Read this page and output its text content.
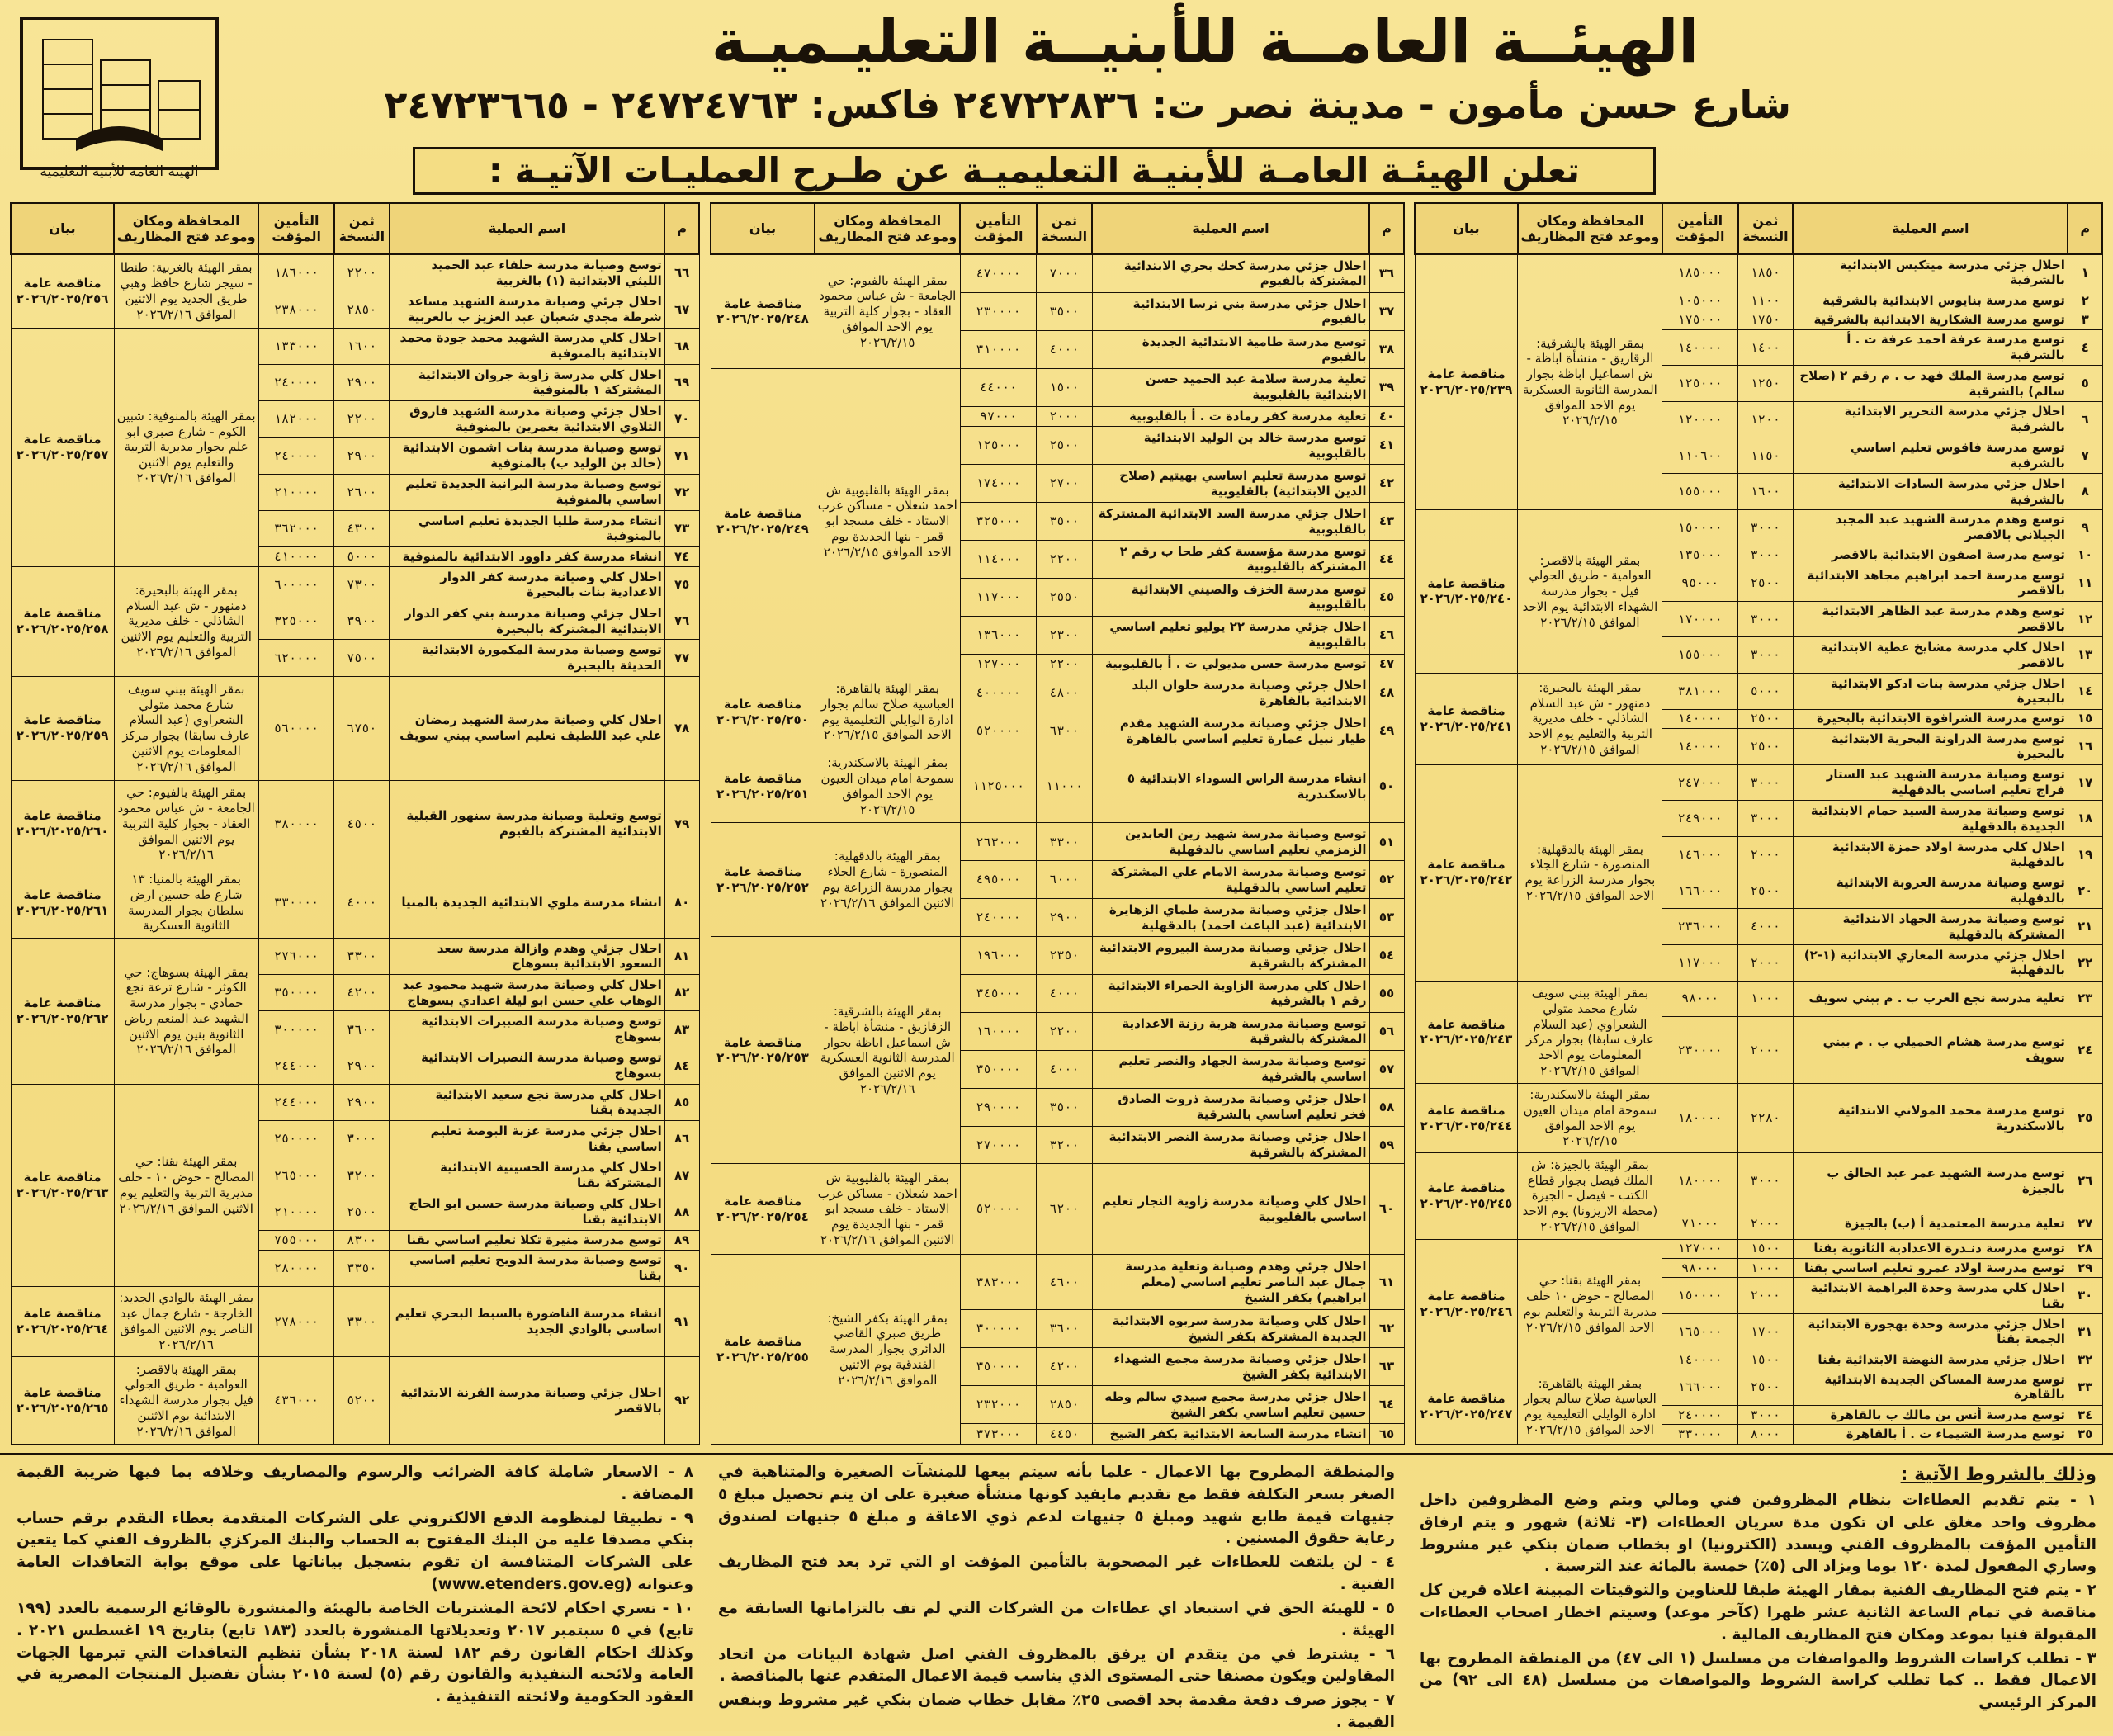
الهيئة العامة للأبنية التعليمية
الهيئــة العامــة للأبنيــة التعليـميـة
شارع حسن مأمون - مدينة نصر ت: ٢٤٧٢٢٨٣٦ فاكس: ٢٤٧٢٤٧٦٣ - ٢٤٧٢٣٦٦٥
تعلن الهيئـة العامـة للأبنيـة التعليميـة عن طـرح العمليـات الآتيـة :
م	اسم العملية	ثمن النسخة	التأمين المؤقت	المحافظة ومكان وموعد فتح المظاريف	بيان
١	احلال جزئي مدرسة ميتكيس الابتدائية بالشرقية	١٨٥٠	١٨٥٠٠٠	بمقر الهيئة بالشرقية: الزقازيق - منشأة اباظة - ش اسماعيل اباظة بجوار المدرسة الثانوية العسكرية يوم الاحد الموافق ٢٠٢٦/٢/١٥	مناقصة عامة ٢٠٢٦/٢٠٢٥/٢٣٩
٢	توسع مدرسة بنايوس الابتدائية بالشرقية	١١٠٠	١٠٥٠٠٠		
٣	توسع مدرسة الشكارية الابتدائية بالشرقية	١٧٥٠	١٧٥٠٠٠		
٤	توسع مدرسة عرفة احمد عرفة ت . أ بالشرقية	١٤٠٠	١٤٠٠٠٠		
٥	توسع مدرسة الملك فهد ب . م رقم ٢ (صلاح سالم) بالشرقية	١٢٥٠	١٢٥٠٠٠		
٦	احلال جزئي مدرسة التحرير الابتدائية بالشرقية	١٢٠٠	١٢٠٠٠٠		
٧	توسع مدرسة فاقوس تعليم اساسي بالشرقية	١١٥٠	١١٠٦٠٠		
٨	احلال جزئي مدرسة السادات الابتدائية بالشرقية	١٦٠٠	١٥٥٠٠٠		
٩	توسع وهدم مدرسة الشهيد عبد المجيد الجيلاني بالاقصر	٣٠٠٠	١٥٠٠٠٠	بمقر الهيئة بالاقصر: العوامية - طريق الجولي فيل - بجوار مدرسة الشهداء الابتدائية يوم الاحد الموافق ٢٠٢٦/٢/١٥	مناقصة عامة ٢٠٢٦/٢٠٢٥/٢٤٠
١٠	توسع مدرسة اصفون الابتدائية بالاقصر	٣٠٠٠	١٣٥٠٠٠		
١١	توسع مدرسة احمد ابراهيم مجاهد الابتدائية بالاقصر	٢٥٠٠	٩٥٠٠٠		
١٢	توسع وهدم مدرسة عبد الظاهر الابتدائية بالاقصر	٣٠٠٠	١٧٠٠٠٠		
١٣	احلال كلي مدرسة مشايخ عطية الابتدائية بالاقصر	٣٠٠٠	١٥٥٠٠٠		
١٤	احلال جزئي مدرسة بنات ادكو الابتدائية بالبحيرة	٥٠٠٠	٣٨١٠٠٠	بمقر الهيئة بالبحيرة: دمنهور - ش عبد السلام الشاذلي - خلف مديرية التربية والتعليم يوم الاحد الموافق ٢٠٢٦/٢/١٥	مناقصة عامة ٢٠٢٦/٢٠٢٥/٢٤١
١٥	توسع مدرسة الشراقوة الابتدائية بالبحيرة	٢٥٠٠	١٤٠٠٠٠		
١٦	توسع مدرسة الدراونة البحرية الابتدائية بالبحيرة	٢٥٠٠	١٤٠٠٠٠		
١٧	توسع وصيانة مدرسة الشهيد عبد الستار فراج تعليم اساسي بالدقهلية	٣٠٠٠	٢٤٧٠٠٠	بمقر الهيئة بالدقهلية: المنصورة - شارع الجلاء بجوار مدرسة الزراعة يوم الاحد الموافق ٢٠٢٦/٢/١٥	مناقصة عامة ٢٠٢٦/٢٠٢٥/٢٤٢
١٨	توسع وصيانة مدرسة السيد حمام الابتدائية الجديدة بالدقهلية	٣٠٠٠	٢٤٩٠٠٠		
١٩	احلال كلي مدرسة اولاد حمزة الابتدائية بالدقهلية	٢٠٠٠	١٤٦٠٠٠		
٢٠	توسع وصيانة مدرسة العروبة الابتدائية بالدقهلية	٢٥٠٠	١٦٦٠٠٠		
٢١	توسع وصيانة مدرسة الجهاد الابتدائية المشتركة بالدقهلية	٤٠٠٠	٢٣٦٠٠٠		
٢٢	احلال جزئي مدرسة المغازي الابتدائية (١-٢) بالدقهلية	٢٠٠٠	١١٧٠٠٠		
٢٣	تعلية مدرسة نجع العرب ب . م ببني سويف	١٠٠٠	٩٨٠٠٠	بمقر الهيئة ببني سويف شارع محمد متولي الشعراوي (عبد السلام عارف سابقا) بجوار مركز المعلومات يوم الاحد الموافق ٢٠٢٦/٢/١٥	مناقصة عامة ٢٠٢٦/٢٠٢٥/٢٤٣
٢٤	توسع مدرسة هشام الحميلي ب . م ببني سويف	٢٠٠٠	٢٣٠٠٠٠		
٢٥	توسع مدرسة محمد المولاني الابتدائية بالاسكندرية	٢٢٨٠	١٨٠٠٠٠	بمقر الهيئة بالاسكندرية: سموحة امام ميدان العيون يوم الاحد الموافق ٢٠٢٦/٢/١٥	مناقصة عامة ٢٠٢٦/٢٠٢٥/٢٤٤
٢٦	توسع مدرسة الشهيد عمر عبد الخالق ب بالجيزة	٣٠٠٠	١٨٠٠٠٠	بمقر الهيئة بالجيزة: ش الملك فيصل بجوار قطاع الكتب - فيصل - الجيزة (محطة الاريزونا) يوم الاحد الموافق ٢٠٢٦/٢/١٥	مناقصة عامة ٢٠٢٦/٢٠٢٥/٢٤٥
٢٧	تعلية مدرسة المعتمدية أ (ب) بالجيزة	٢٠٠٠	٧١٠٠٠		
٢٨	توسع مدرسة دنـدرة الاعدادية الثانوية بقنا	١٥٠٠	١٢٧٠٠٠	بمقر الهيئة بقنا: حي المصالح - حوض ١٠ خلف مديرية التربية والتعليم يوم الاحد الموافق ٢٠٢٦/٢/١٥	مناقصة عامة ٢٠٢٦/٢٠٢٥/٢٤٦
٢٩	توسع مدرسة اولاد عمرو تعليم اساسي بقنا	١٠٠٠	٩٨٠٠٠		
٣٠	احلال كلي مدرسة وحدة البراهمة الابتدائية بقنا	٢٠٠٠	١٥٠٠٠٠		
٣١	احلال جزئي مدرسة وحدة بهجورة الابتدائية الجمعة بقنا	١٧٠٠	١٦٥٠٠٠		
٣٢	احلال جزئي مدرسة النهضة الابتدائية بقنا	١٥٠٠	١٤٠٠٠٠		
٣٣	توسع مدرسة المساكن الجديدة الابتدائية بالقاهرة	٢٥٠٠	١٦٦٠٠٠	بمقر الهيئة بالقاهرة: العباسية صلاح سالم بجوار ادارة الوايلي التعليمية يوم الاحد الموافق ٢٠٢٦/٢/١٥	مناقصة عامة ٢٠٢٦/٢٠٢٥/٢٤٧
٣٤	توسع مدرسة أنس بن مالك ب بالقاهرة	٣٠٠٠	٢٤٠٠٠٠		
٣٥	توسع مدرسة الشيماء ت . أ بالقاهرة	٨٠٠٠	٣٣٠٠٠٠		
م	اسم العملية	ثمن النسخة	التأمين المؤقت	المحافظة ومكان وموعد فتح المظاريف	بيان
٣٦	احلال جزئي مدرسة كحك بحري الابتدائية المشتركة بالفيوم	٧٠٠٠	٤٧٠٠٠٠	بمقر الهيئة بالفيوم: حي الجامعة - ش عباس محمود العقاد - بجوار كلية التربية يوم الاحد الموافق ٢٠٢٦/٢/١٥	مناقصة عامة ٢٠٢٦/٢٠٢٥/٢٤٨
٣٧	احلال جزئي مدرسة بني ترسا الابتدائية بالفيوم	٣٥٠٠	٢٣٠٠٠٠		
٣٨	توسع مدرسة طامية الابتدائية الجديدة بالفيوم	٤٠٠٠	٣١٠٠٠٠		
٣٩	تعلية مدرسة سلامة عبد الحميد حسن الابتدائية بالقليوبية	١٥٠٠	٤٤٠٠٠	بمقر الهيئة بالقليوبية ش احمد شعلان - مساكن غرب الاستاد - خلف مسجد ابو قمر - بنها الجديدة يوم الاحد الموافق ٢٠٢٦/٢/١٥	مناقصة عامة ٢٠٢٦/٢٠٢٥/٢٤٩
٤٠	تعلية مدرسة كفر رمادة ت . أ بالقليوبية	٢٠٠٠	٩٧٠٠٠		
٤١	توسع مدرسة خالد بن الوليد الابتدائية بالقليوبية	٢٥٠٠	١٢٥٠٠٠		
٤٢	توسع مدرسة تعليم اساسي بهيتيم (صلاح الدين الابتدائية) بالقليوبية	٢٧٠٠	١٧٤٠٠٠		
٤٣	احلال جزئي مدرسة السد الابتدائية المشتركة بالقليوبية	٣٥٠٠	٣٢٥٠٠٠		
٤٤	توسع مدرسة مؤسسة كفر طحا ب رقم ٢ المشتركة بالقليوبية	٢٢٠٠	١١٤٠٠٠		
٤٥	توسع مدرسة الخزف والصيني الابتدائية بالقليوبية	٢٥٥٠	١١٧٠٠٠		
٤٦	احلال جزئي مدرسة ٢٢ يوليو تعليم اساسي بالقليوبية	٢٣٠٠	١٣٦٠٠٠		
٤٧	توسع مدرسة حسن مديولي ت . أ بالقليوبية	٢٢٠٠	١٢٧٠٠٠		
٤٨	احلال جزئي وصيانة مدرسة حلوان البلد الابتدائية بالقاهرة	٤٨٠٠	٤٠٠٠٠٠	بمقر الهيئة بالقاهرة: العباسية صلاح سالم بجوار ادارة الوايلي التعليمية يوم الاحد الموافق ٢٠٢٦/٢/١٥	مناقصة عامة ٢٠٢٦/٢٠٢٥/٢٥٠
٤٩	احلال جزئي وصيانة مدرسة الشهيد مقدم طيار نبيل عمارة تعليم اساسي بالقاهرة	٦٣٠٠	٥٢٠٠٠٠		
٥٠	انشاء مدرسة الراس السوداء الابتدائية ٥ بالاسكندرية	١١٠٠٠	١١٢٥٠٠٠	بمقر الهيئة بالاسكندرية: سموحة امام ميدان العيون يوم الاحد الموافق ٢٠٢٦/٢/١٥	مناقصة عامة ٢٠٢٦/٢٠٢٥/٢٥١
٥١	توسع وصيانة مدرسة شهيد زين العابدين الزمزمي تعليم اساسي بالدقهلية	٣٣٠٠	٢٦٣٠٠٠	بمقر الهيئة بالدقهلية: المنصورة - شارع الجلاء بجوار مدرسة الزراعة يوم الاثنين الموافق ٢٠٢٦/٢/١٦	مناقصة عامة ٢٠٢٦/٢٠٢٥/٢٥٢
٥٢	توسع وصيانة مدرسة الامام علي المشتركة تعليم اساسي بالدقهلية	٦٠٠٠	٤٩٥٠٠٠		
٥٣	احلال جزئي وصيانة مدرسة طماي الزهايرة الابتدائية (عبد الباعث احمد) بالدقهلية	٢٩٠٠	٢٤٠٠٠٠		
٥٤	احلال جزئي وصيانة مدرسة البيروم الابتدائية المشتركة بالشرقية	٢٣٥٠	١٩٦٠٠٠	بمقر الهيئة بالشرقية: الزقازيق - منشأة اباظة - ش اسماعيل اباظة بجوار المدرسة الثانوية العسكرية يوم الاثنين الموافق ٢٠٢٦/٢/١٦	مناقصة عامة ٢٠٢٦/٢٠٢٥/٢٥٣
٥٥	احلال كلي مدرسة الزاوية الحمراء الابتدائية رقم ١ بالشرقية	٤٠٠٠	٣٤٥٠٠٠		
٥٦	توسع وصيانة مدرسة هربة رزنة الاعدادية المشتركة بالشرقية	٢٢٠٠	١٦٠٠٠٠		
٥٧	توسع وصيانة مدرسة الجهاد والنصر تعليم اساسي بالشرقية	٤٠٠٠	٣٥٠٠٠٠		
٥٨	احلال جزئي وصيانة مدرسة ذروت الصادق فخر تعليم اساسي بالشرقية	٣٥٠٠	٢٩٠٠٠٠		
٥٩	احلال جزئي وصيانة مدرسة النصر الابتدائية المشتركة بالشرقية	٣٢٠٠	٢٧٠٠٠٠		
٦٠	احلال كلي وصيانة مدرسة زاوية النجار تعليم اساسي بالقليوبية	٦٢٠٠	٥٢٠٠٠٠	بمقر الهيئة بالقليوبية ش احمد شعلان - مساكن غرب الاستاد - خلف مسجد ابو قمر - بنها الجديدة يوم الاثنين الموافق ٢٠٢٦/٢/١٦	مناقصة عامة ٢٠٢٦/٢٠٢٥/٢٥٤
٦١	احلال جزئي وهدم وصيانة وتعلية مدرسة جمال عبد الناصر تعليم اساسي (معلم ابراهيم) بكفر الشيخ	٤٦٠٠	٣٨٣٠٠٠	بمقر الهيئة بكفر الشيخ: طريق صبري القاضي الدائري بجوار المدرسة الفندقية يوم الاثنين الموافق ٢٠٢٦/٢/١٦	مناقصة عامة ٢٠٢٦/٢٠٢٥/٢٥٥
٦٢	احلال كلي وصيانة مدرسة سربوه الابتدائية الجديدة المشتركة بكفر الشيخ	٣٦٠٠	٣٠٠٠٠٠		
٦٣	احلال جزئي وصيانة مدرسة مجمع الشهداء الابتدائية بكفر الشيخ	٤٢٠٠	٣٥٠٠٠٠		
٦٤	احلال جزئي مدرسة مجمع سيدي سالم وطه حسين تعليم اساسي بكفر الشيخ	٢٨٥٠	٢٣٢٠٠٠		
٦٥	انشاء مدرسة السابعة الابتدائية بكفر الشيخ	٤٤٥٠	٣٧٣٠٠٠		
م	اسم العملية	ثمن النسخة	التأمين المؤقت	المحافظة ومكان وموعد فتح المظاريف	بيان
٦٦	توسع وصيانة مدرسة خلفاء عبد الحميد الليثي الابتدائية (١) بالغربية	٢٢٠٠	١٨٦٠٠٠	بمقر الهيئة بالغربية: طنطا - سيجر شارع حافظ وهبي طريق الجديد يوم الاثنين الموافق ٢٠٢٦/٢/١٦	مناقصة عامة ٢٠٢٦/٢٠٢٥/٢٥٦
٦٧	احلال جزئي وصيانة مدرسة الشهيد مساعد شرطة مجدي شعبان عبد العزيز ب بالغربية	٢٨٥٠	٢٣٨٠٠٠		
٦٨	احلال كلي مدرسة الشهيد محمد جودة محمد الابتدائية بالمنوفية	١٦٠٠	١٣٣٠٠٠	بمقر الهيئة بالمنوفية: شبين الكوم - شارع صبري ابو علم بجوار مديرية التربية والتعليم يوم الاثنين الموافق ٢٠٢٦/٢/١٦	مناقصة عامة ٢٠٢٦/٢٠٢٥/٢٥٧
٦٩	احلال كلي مدرسة زاوية جروان الابتدائية المشتركة ١ بالمنوفية	٢٩٠٠	٢٤٠٠٠٠		
٧٠	احلال جزئي وصيانة مدرسة الشهيد فاروق التلاوي الابتدائية بغمرين بالمنوفية	٢٢٠٠	١٨٢٠٠٠		
٧١	توسع وصيانة مدرسة بنات اشمون الابتدائية (خالد بن الوليد ب) بالمنوفية	٢٩٠٠	٢٤٠٠٠٠		
٧٢	توسع وصيانة مدرسة البرانية الجديدة تعليم اساسي بالمنوفية	٢٦٠٠	٢١٠٠٠٠		
٧٣	انشاء مدرسة طليا الجديدة تعليم اساسي بالمنوفية	٤٣٠٠	٣٦٢٠٠٠		
٧٤	انشاء مدرسة كفر داوود الابتدائية بالمنوفية	٥٠٠٠	٤١٠٠٠٠		
٧٥	احلال كلي وصيانة مدرسة كفر الدوار الاعدادية بنات بالبحيرة	٧٣٠٠	٦٠٠٠٠٠	بمقر الهيئة بالبحيرة: دمنهور - ش عبد السلام الشاذلي - خلف مديرية التربية والتعليم يوم الاثنين الموافق ٢٠٢٦/٢/١٦	مناقصة عامة ٢٠٢٦/٢٠٢٥/٢٥٨
٧٦	احلال جزئي وصيانة مدرسة بني كفر الدوار الابتدائية المشتركة بالبحيرة	٣٩٠٠	٣٢٥٠٠٠		
٧٧	توسع وصيانة مدرسة المكمورة الابتدائية الحديثة بالبحيرة	٧٥٠٠	٦٢٠٠٠٠		
٧٨	احلال كلي وصيانة مدرسة الشهيد رمضان علي عبد اللطيف تعليم اساسي ببني سويف	٦٧٥٠	٥٦٠٠٠٠	بمقر الهيئة ببني سويف شارع محمد متولي الشعراوي (عبد السلام عارف سابقا) بجوار مركز المعلومات يوم الاثنين الموافق ٢٠٢٦/٢/١٦	مناقصة عامة ٢٠٢٦/٢٠٢٥/٢٥٩
٧٩	توسع وتعلية وصيانة مدرسة سنهور القبلية الابتدائية المشتركة بالفيوم	٤٥٠٠	٣٨٠٠٠٠	بمقر الهيئة بالفيوم: حي الجامعة - ش عباس محمود العقاد - بجوار كلية التربية يوم الاثنين الموافق ٢٠٢٦/٢/١٦	مناقصة عامة ٢٠٢٦/٢٠٢٥/٢٦٠
٨٠	انشاء مدرسة ملوي الابتدائية الجديدة بالمنيا	٤٠٠٠	٣٣٠٠٠٠	بمقر الهيئة بالمنيا: ١٣ شارع طه حسين ارض سلطان بجوار المدرسة الثانوية العسكرية	مناقصة عامة ٢٠٢٦/٢٠٢٥/٢٦١
٨١	احلال جزئي وهدم وازالة مدرسة سعد السعود الابتدائية بسوهاج	٣٣٠٠	٢٧٦٠٠٠	بمقر الهيئة بسوهاج: حي الكوثر - شارع ترعة نجع حمادي - بجوار مدرسة الشهيد عبد المنعم رياض الثانوية بنين يوم الاثنين الموافق ٢٠٢٦/٢/١٦	مناقصة عامة ٢٠٢٦/٢٠٢٥/٢٦٢
٨٢	احلال كلي وصيانة مدرسة شهيد محمود عبد الوهاب علي حسن ابو ليلة اعدادي بسوهاج	٤٢٠٠	٣٥٠٠٠٠		
٨٣	توسع وصيانة مدرسة الصبيرات الابتدائية بسوهاج	٣٦٠٠	٣٠٠٠٠٠		
٨٤	توسع وصيانة مدرسة النصيرات الابتدائية بسوهاج	٢٩٠٠	٢٤٤٠٠٠		
٨٥	احلال كلي مدرسة نجع سعيد الابتدائية الجديدة بقنا	٢٩٠٠	٢٤٤٠٠٠	بمقر الهيئة بقنا: حي المصالح - حوض ١٠ - خلف مديرية التربية والتعليم يوم الاثنين الموافق ٢٠٢٦/٢/١٦	مناقصة عامة ٢٠٢٦/٢٠٢٥/٢٦٣
٨٦	احلال جزئي مدرسة عزبة البوصة تعليم اساسي بقنا	٣٠٠٠	٢٥٠٠٠٠		
٨٧	احلال كلي مدرسة الحسينية الابتدائية المشتركة بقنا	٣٢٠٠	٢٦٥٠٠٠		
٨٨	احلال كلي وصيانة مدرسة حسين ابو الحاج الابتدائية بقنا	٢٥٠٠	٢١٠٠٠٠		
٨٩	توسع مدرسة منيرة تكلا تعليم اساسي بقنا	٨٣٠٠	٧٥٥٠٠٠		
٩٠	توسع وصيانة مدرسة الدويح تعليم اساسي بقنا	٣٣٥٠	٢٨٠٠٠٠		
٩١	انشاء مدرسة الناضورة بالسبط البحري تعليم اساسي بالوادي الجديد	٣٣٠٠	٢٧٨٠٠٠	بمقر الهيئة بالوادي الجديد: الخارجة - شارع جمال عبد الناصر يوم الاثنين الموافق ٢٠٢٦/٢/١٦	مناقصة عامة ٢٠٢٦/٢٠٢٥/٢٦٤
٩٢	احلال جزئي وصيانة مدرسة القرنة الابتدائية بالاقصر	٥٢٠٠	٤٣٦٠٠٠	بمقر الهيئة بالاقصر: العوامية - طريق الجولي فيل بجوار مدرسة الشهداء الابتدائية يوم الاثنين الموافق ٢٠٢٦/٢/١٦	مناقصة عامة ٢٠٢٦/٢٠٢٥/٢٦٥

وذلك بالشروط الآتية :

١ - يتم تقديم العطاءات بنظام المظروفين فني ومالي ويتم وضع المظروفين داخل مظروف واحد مغلق على ان تكون مدة سريان العطاءات (٣- ثلاثة) شهور و يتم ارفاق التأمين المؤقت بالمظروف الفني ويسدد (الكترونيا) او بخطاب ضمان بنكي غير مشروط وساري المفعول لمدة ١٢٠ يوما ويزاد الى (٥٪) خمسة بالمائة عند الترسية .

٢ - يتم فتح المظاريف الفنية بمقار الهيئة طبقا للعناوين والتوقيتات المبينة اعلاه قرين كل مناقصة في تمام الساعة الثانية عشر ظهرا (كآخر موعد) وسيتم اخطار اصحاب العطاءات المقبولة فنيا بموعد ومكان فتح المظاريف المالية .

٣ - تطلب كراسات الشروط والمواصفات من مسلسل (١ الى ٤٧) من المنطقة المطروح بها الاعمال فقط .. كما تطلب كراسة الشروط والمواصفات من مسلسل (٤٨ الى ٩٢) من المركز الرئيسي

والمنطقة المطروح بها الاعمال - علما بأنه سيتم بيعها للمنشآت الصغيرة والمتناهية في الصغر بسعر التكلفة فقط مع تقديم مايفيد كونها منشأة صغيرة على ان يتم تحصيل مبلغ ٥ جنيهات قيمة طابع شهيد ومبلغ ٥ جنيهات لدعم ذوي الاعاقة و مبلغ ٥ جنيهات لصندوق رعاية حقوق المسنين .

٤ - لن يلتفت للعطاءات غير المصحوبة بالتأمين المؤقت او التي ترد بعد فتح المظاريف الفنية .

٥ - للهيئة الحق في استبعاد اي عطاءات من الشركات التي لم تف بالتزاماتها السابقة مع الهيئة .

٦ - يشترط في من يتقدم ان يرفق بالمظروف الفني اصل شهادة البيانات من اتحاد المقاولين ويكون مصنفا حتى المستوى الذي يناسب قيمة الاعمال المتقدم عنها بالمناقصة .

٧ - يجوز صرف دفعة مقدمة بحد اقصى ٢٥٪ مقابل خطاب ضمان بنكي غير مشروط وبنفس القيمة .

٨ - الاسعار شاملة كافة الضرائب والرسوم والمصاريف وخلافه بما فيها ضريبة القيمة المضافة .

٩ - تطبيقا لمنظومة الدفع الالكتروني على الشركات المتقدمة بعطاء التقدم برقم حساب بنكي مصدقا عليه من البنك المفتوح به الحساب والبنك المركزي بالظروف الفني كما يتعين على الشركات المتنافسة ان تقوم بتسجيل بياناتها على موقع بوابة التعاقدات العامة وعنوانه (www.etenders.gov.eg)

١٠ - تسري احكام لائحة المشتريات الخاصة بالهيئة والمنشورة بالوقائع الرسمية بالعدد (١٩٩ تابع) في ٥ سبتمبر ٢٠١٧ وتعديلاتها المنشورة بالعدد (١٨٣ تابع) بتاريخ ١٩ اغسطس ٢٠٢١ . وكذلك احكام القانون رقم ١٨٢ لسنة ٢٠١٨ بشأن تنظيم التعاقدات التي تبرمها الجهات العامة ولائحته التنفيذية والقانون رقم (٥) لسنة ٢٠١٥ بشأن تفضيل المنتجات المصرية في العقود الحكومية ولائحته التنفيذية .
